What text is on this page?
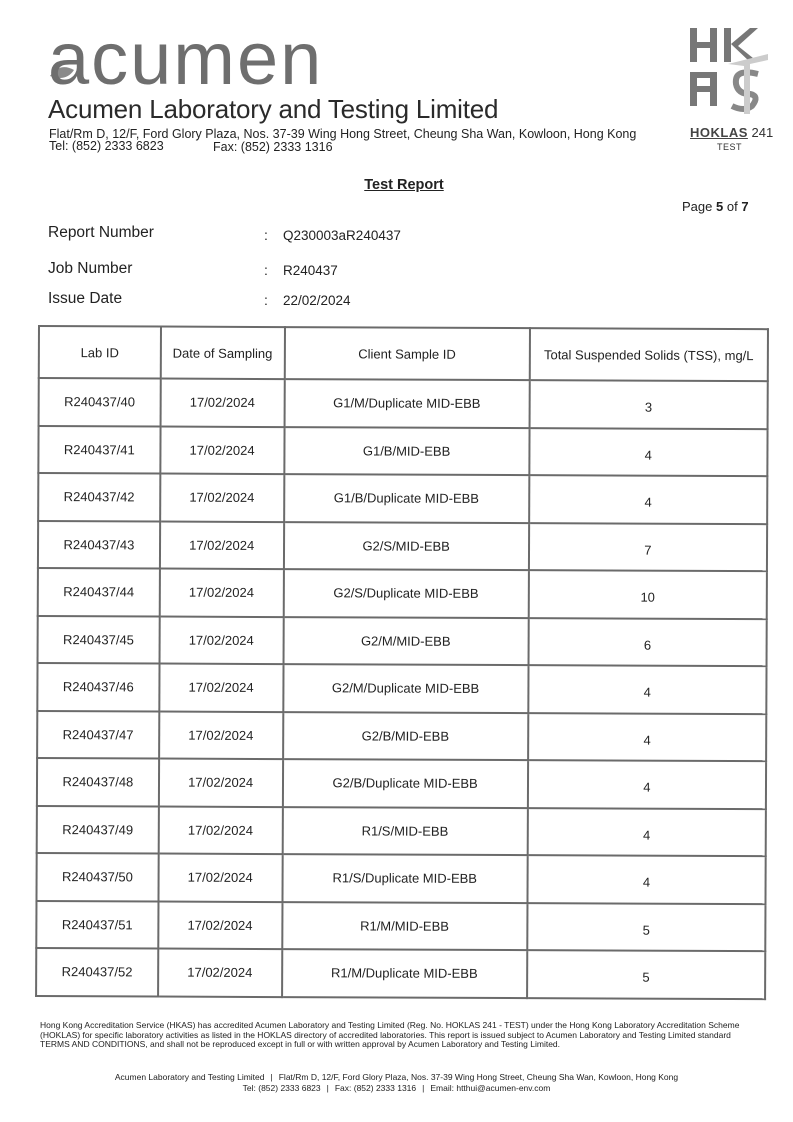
acumen
Acumen Laboratory and Testing Limited
Flat/Rm D, 12/F, Ford Glory Plaza, Nos. 37-39 Wing Hong Street, Cheung Sha Wan, Kowloon, Hong Kong
Tel: (852) 2333 6823	Fax: (852) 2333 1316
HOKLAS 241
TEST
Test Report
Page 5 of 7
Report Number	: Q230003aR240437
Job Number	: R240437
Issue Date	: 22/02/2024
Lab ID	Date of Sampling	Client Sample ID	Total Suspended Solids (TSS), mg/L
R240437/40	17/02/2024	G1/M/Duplicate MID-EBB	3
R240437/41	17/02/2024	G1/B/MID-EBB	4
R240437/42	17/02/2024	G1/B/Duplicate MID-EBB	4
R240437/43	17/02/2024	G2/S/MID-EBB	7
R240437/44	17/02/2024	G2/S/Duplicate MID-EBB	10
R240437/45	17/02/2024	G2/M/MID-EBB	6
R240437/46	17/02/2024	G2/M/Duplicate MID-EBB	4
R240437/47	17/02/2024	G2/B/MID-EBB	4
R240437/48	17/02/2024	G2/B/Duplicate MID-EBB	4
R240437/49	17/02/2024	R1/S/MID-EBB	4
R240437/50	17/02/2024	R1/S/Duplicate MID-EBB	4
R240437/51	17/02/2024	R1/M/MID-EBB	5
R240437/52	17/02/2024	R1/M/Duplicate MID-EBB	5
Hong Kong Accreditation Service (HKAS) has accredited Acumen Laboratory and Testing Limited (Reg. No. HOKLAS 241 - TEST) under the Hong Kong Laboratory Accreditation Scheme (HOKLAS) for specific laboratory activities as listed in the HOKLAS directory of accredited laboratories. This report is issued subject to Acumen Laboratory and Testing Limited standard TERMS AND CONDITIONS, and shall not be reproduced except in full or with written approval by Acumen Laboratory and Testing Limited.
Acumen Laboratory and Testing Limited | Flat/Rm D, 12/F, Ford Glory Plaza, Nos. 37-39 Wing Hong Street, Cheung Sha Wan, Kowloon, Hong Kong
Tel: (852) 2333 6823 | Fax: (852) 2333 1316 | Email: htthui@acumen-env.com
